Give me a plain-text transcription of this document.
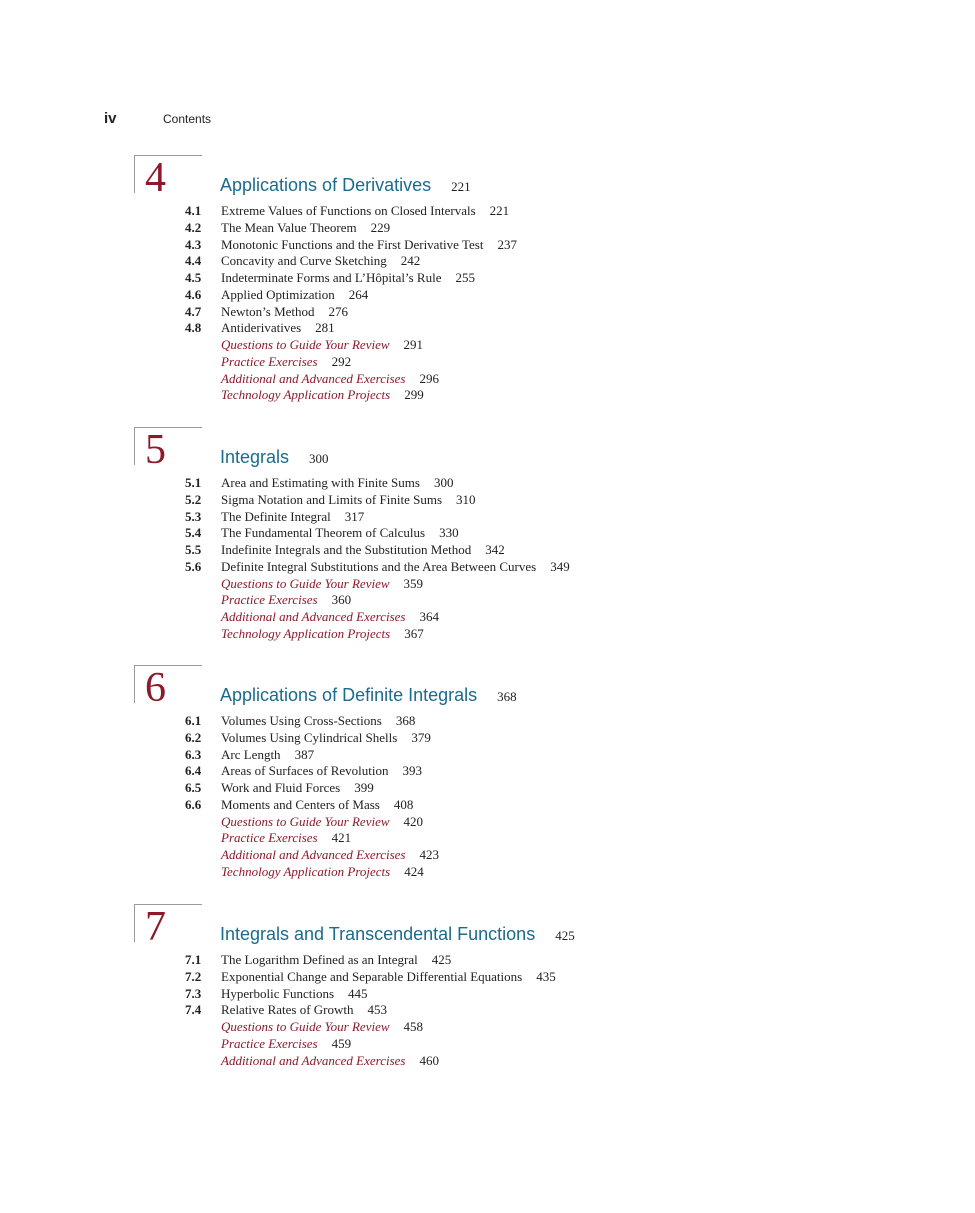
iv	Contents
4	Applications of Derivatives 221
4.1 Extreme Values of Functions on Closed Intervals 221
4.2 The Mean Value Theorem 229
4.3 Monotonic Functions and the First Derivative Test 237
4.4 Concavity and Curve Sketching 242
4.5 Indeterminate Forms and L’Hôpital’s Rule 255
4.6 Applied Optimization 264
4.7 Newton’s Method 276
4.8 Antiderivatives 281
Questions to Guide Your Review 291
Practice Exercises 292
Additional and Advanced Exercises 296
Technology Application Projects 299
5	Integrals 300
5.1 Area and Estimating with Finite Sums 300
5.2 Sigma Notation and Limits of Finite Sums 310
5.3 The Definite Integral 317
5.4 The Fundamental Theorem of Calculus 330
5.5 Indefinite Integrals and the Substitution Method 342
5.6 Definite Integral Substitutions and the Area Between Curves 349
Questions to Guide Your Review 359
Practice Exercises 360
Additional and Advanced Exercises 364
Technology Application Projects 367
6	Applications of Definite Integrals 368
6.1 Volumes Using Cross-Sections 368
6.2 Volumes Using Cylindrical Shells 379
6.3 Arc Length 387
6.4 Areas of Surfaces of Revolution 393
6.5 Work and Fluid Forces 399
6.6 Moments and Centers of Mass 408
Questions to Guide Your Review 420
Practice Exercises 421
Additional and Advanced Exercises 423
Technology Application Projects 424
7	Integrals and Transcendental Functions 425
7.1 The Logarithm Defined as an Integral 425
7.2 Exponential Change and Separable Differential Equations 435
7.3 Hyperbolic Functions 445
7.4 Relative Rates of Growth 453
Questions to Guide Your Review 458
Practice Exercises 459
Additional and Advanced Exercises 460
